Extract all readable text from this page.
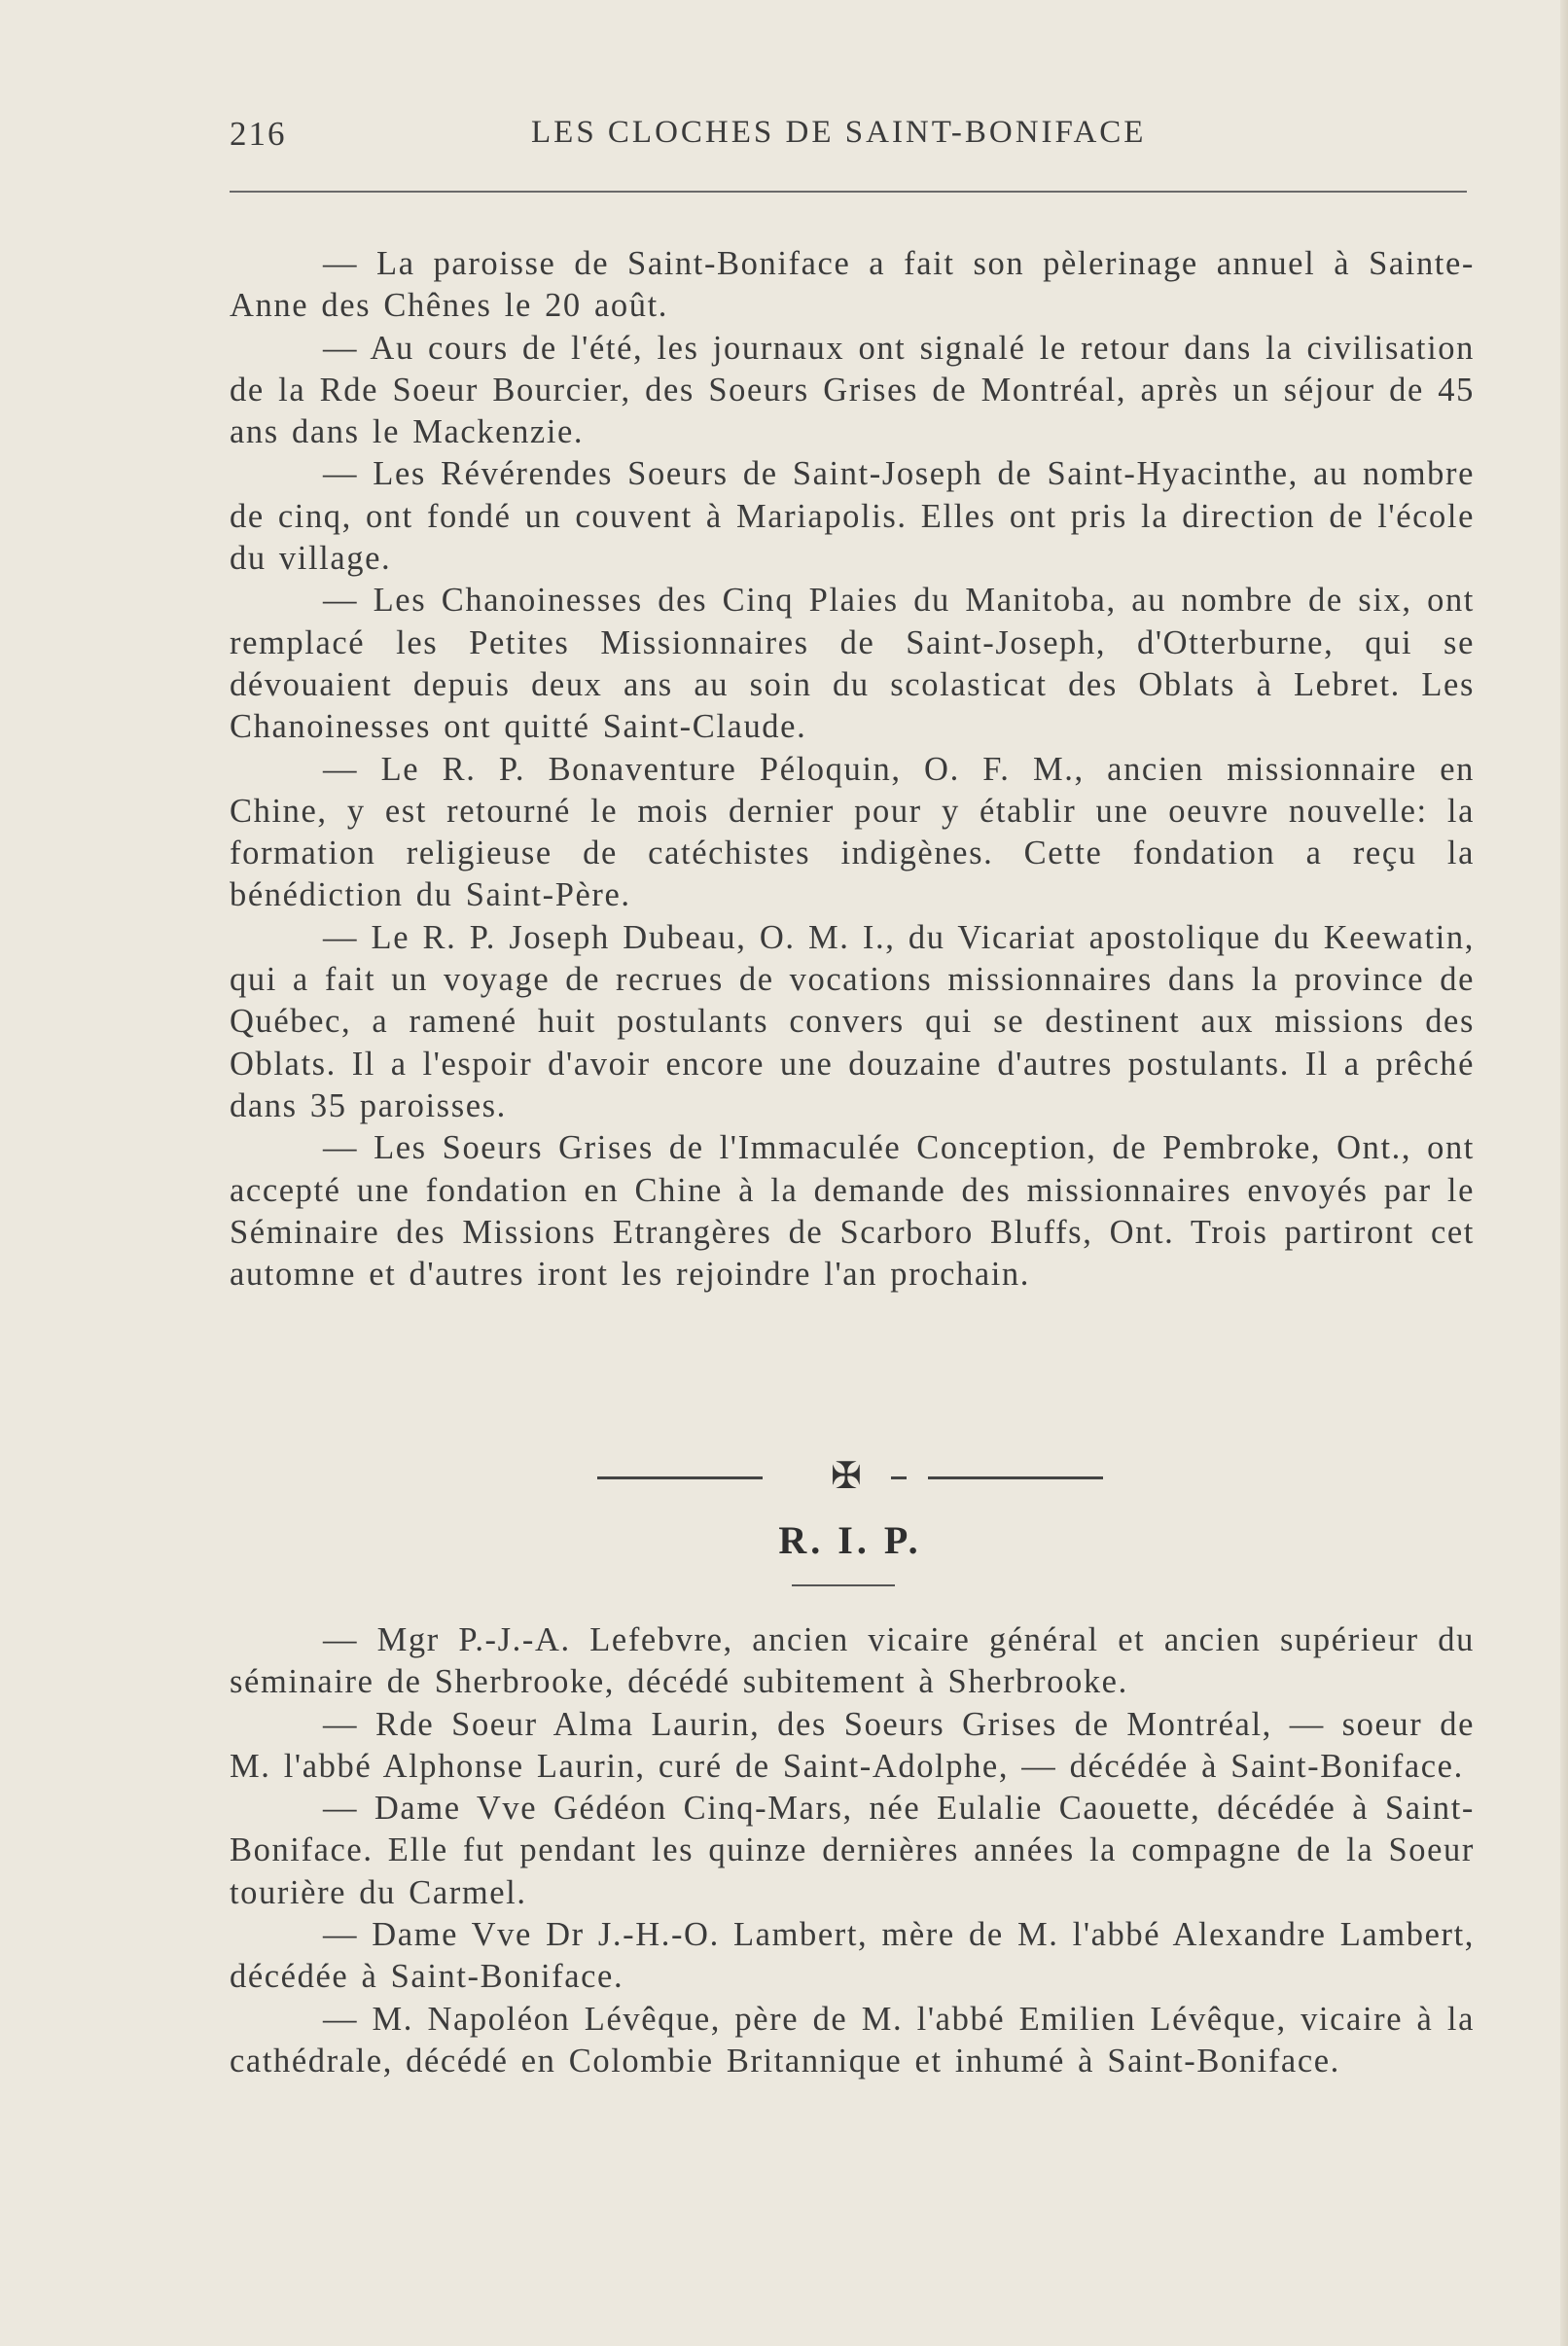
216	LES CLOCHES DE SAINT-BONIFACE

— La paroisse de Saint-Boniface a fait son pèlerinage annuel à Sainte-Anne des Chênes le 20 août.

— Au cours de l'été, les journaux ont signalé le retour dans la civilisation de la Rde Soeur Bourcier, des Soeurs Grises de Montréal, après un séjour de 45 ans dans le Mackenzie.

— Les Révérendes Soeurs de Saint-Joseph de Saint-Hyacinthe, au nombre de cinq, ont fondé un couvent à Mariapolis. Elles ont pris la direction de l'école du village.

— Les Chanoinesses des Cinq Plaies du Manitoba, au nombre de six, ont remplacé les Petites Missionnaires de Saint-Joseph, d'Otterburne, qui se dévouaient depuis deux ans au soin du scolasticat des Oblats à Lebret. Les Chanoinesses ont quitté Saint-Claude.

— Le R. P. Bonaventure Péloquin, O. F. M., ancien missionnaire en Chine, y est retourné le mois dernier pour y établir une oeuvre nouvelle: la formation religieuse de catéchistes indigènes. Cette fondation a reçu la bénédiction du Saint-Père.

— Le R. P. Joseph Dubeau, O. M. I., du Vicariat apostolique du Keewatin, qui a fait un voyage de recrues de vocations missionnaires dans la province de Québec, a ramené huit postulants convers qui se destinent aux missions des Oblats. Il a l'espoir d'avoir encore une douzaine d'autres postulants. Il a prêché dans 35 paroisses.

— Les Soeurs Grises de l'Immaculée Conception, de Pembroke, Ont., ont accepté une fondation en Chine à la demande des missionnaires envoyés par le Séminaire des Missions Etrangères de Scarboro Bluffs, Ont. Trois partiront cet automne et d'autres iront les rejoindre l'an prochain.

✠
R. I. P.

— Mgr P.-J.-A. Lefebvre, ancien vicaire général et ancien supérieur du séminaire de Sherbrooke, décédé subitement à Sherbrooke.

— Rde Soeur Alma Laurin, des Soeurs Grises de Montréal, — soeur de M. l'abbé Alphonse Laurin, curé de Saint-Adolphe, — décédée à Saint-Boniface.

— Dame Vve Gédéon Cinq-Mars, née Eulalie Caouette, décédée à Saint-Boniface. Elle fut pendant les quinze dernières années la compagne de la Soeur tourière du Carmel.

— Dame Vve Dr J.-H.-O. Lambert, mère de M. l'abbé Alexandre Lambert, décédée à Saint-Boniface.

— M. Napoléon Lévêque, père de M. l'abbé Emilien Lévêque, vicaire à la cathédrale, décédé en Colombie Britannique et inhumé à Saint-Boniface.
